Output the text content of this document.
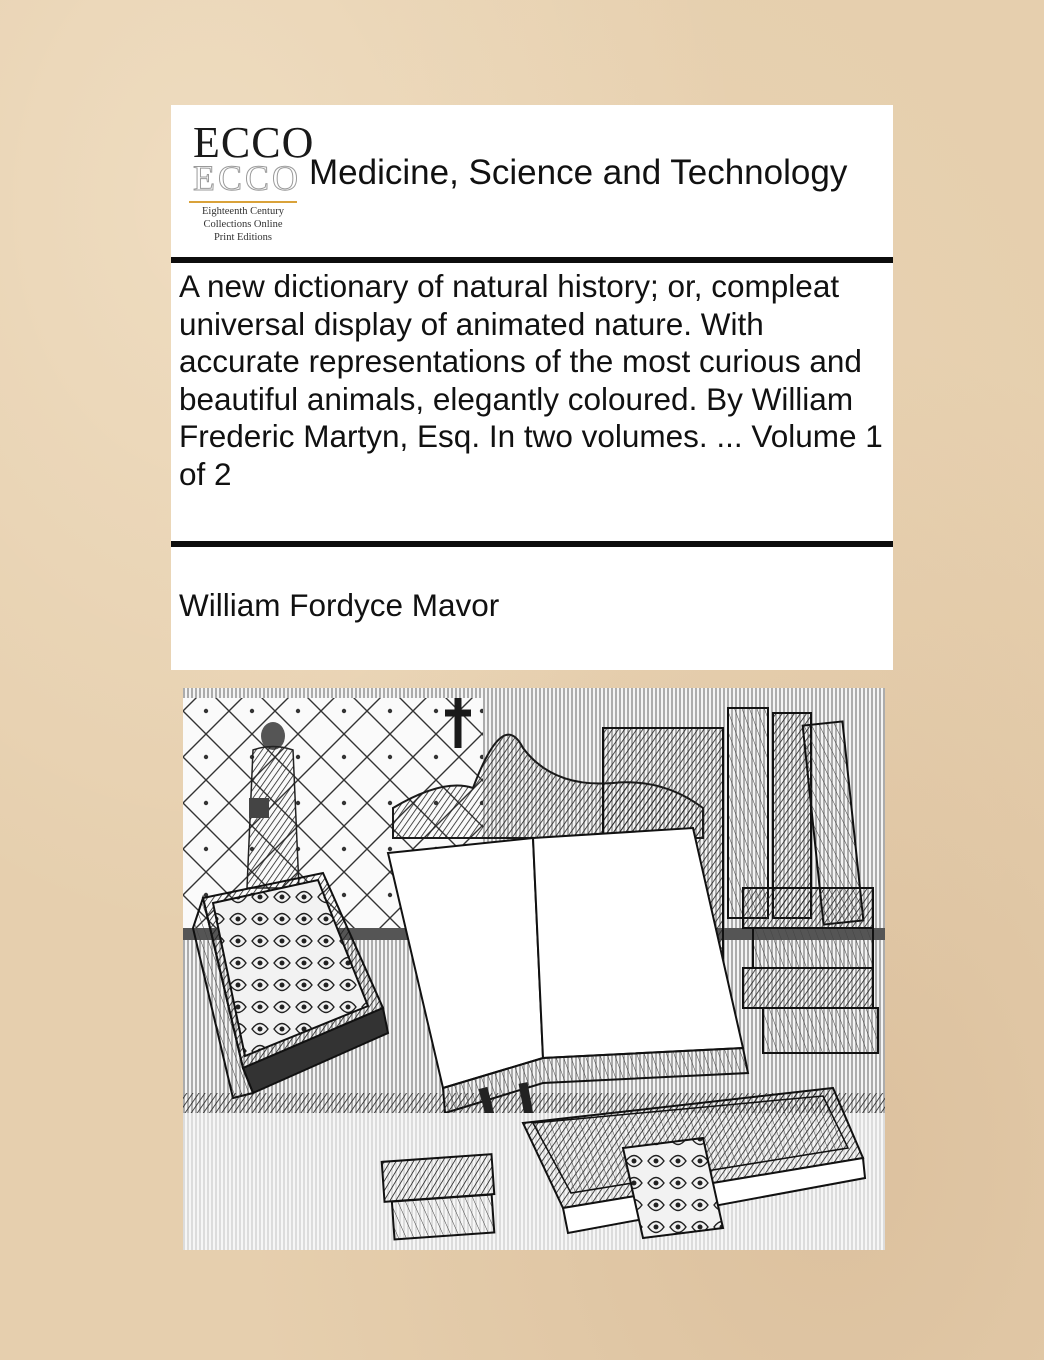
ECCO
ECCO
Eighteenth Century
Collections Online
Print Editions
Medicine, Science and Technology
A new dictionary of natural history; or, compleat universal display of animated nature. With accurate representations of the most curious and beautiful animals, elegantly coloured. By William Frederic Martyn, Esq. In two volumes. ... Volume 1 of 2
William Fordyce Mavor
